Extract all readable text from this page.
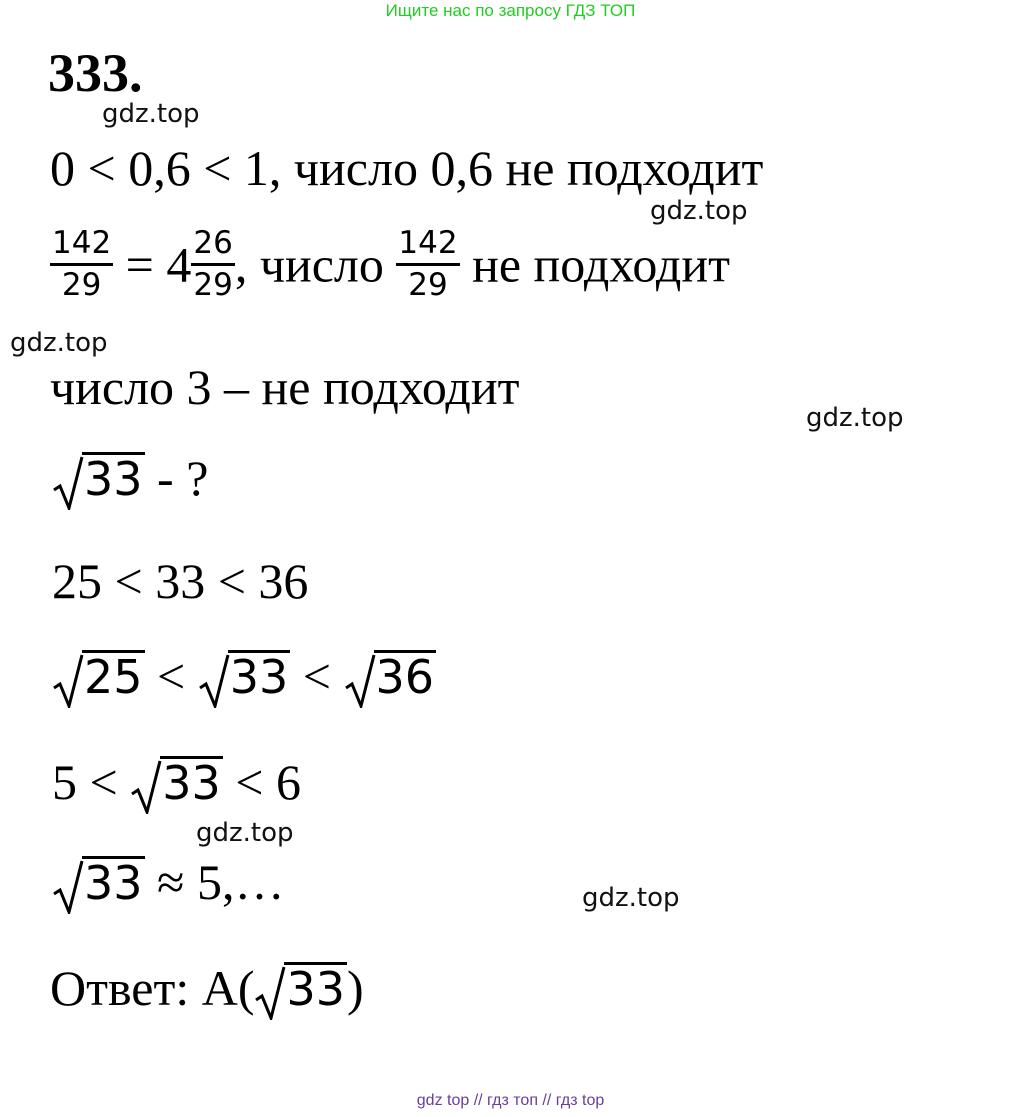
Ищите нас по запросу ГДЗ ТОП
333.
gdz.top
gdz.top
gdz.top
gdz.top
gdz.top
gdz.top
0 < 0,6 < 1, число 0,6 не подходит
$\frac{142}{29} = 4 \frac{26}{29}$ , число $\frac{142}{29}$ не подходит
число 3 – не подходит
33 - ?
25 < 33 < 36
25 < 33 < 36
5 < 33 < 6
33 ≈ 5,…
Ответ: А( 33)
gdz top // гдз топ // гдз top
